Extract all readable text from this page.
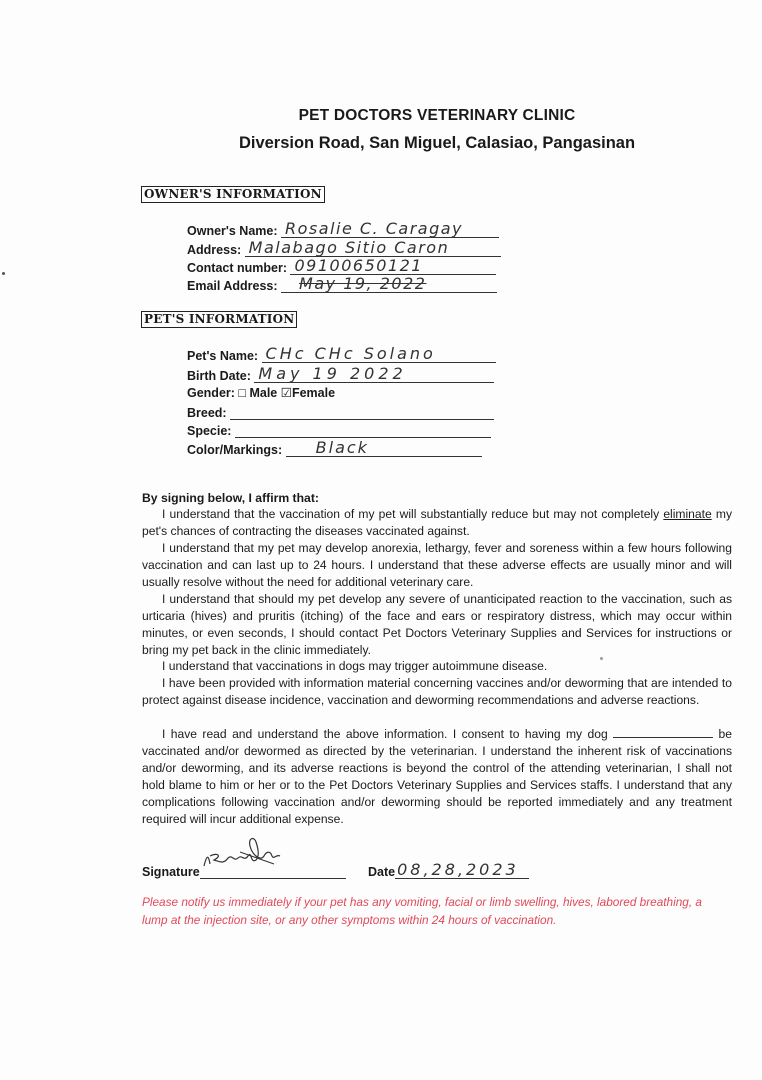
PET DOCTORS VETERINARY CLINIC
Diversion Road, San Miguel, Calasiao, Pangasinan
OWNER'S INFORMATION
Owner's Name: Rosalie C. Caragay
Address: Malabago Sitio Caron
Contact number: 09100650121
Email Address: May 19, 2022
PET'S INFORMATION
Pet's Name: CHc CHc Solano
Birth Date: May 19 2022
Gender: □ Male ☑Female
Breed:
Specie:
Color/Markings: Black
By signing below, I affirm that:
I understand that the vaccination of my pet will substantially reduce but may not completely eliminate my pet's chances of contracting the diseases vaccinated against.
I understand that my pet may develop anorexia, lethargy, fever and soreness within a few hours following vaccination and can last up to 24 hours. I understand that these adverse effects are usually minor and will usually resolve without the need for additional veterinary care.
I understand that should my pet develop any severe of unanticipated reaction to the vaccination, such as urticaria (hives) and pruritis (itching) of the face and ears or respiratory distress, which may occur within minutes, or even seconds, I should contact Pet Doctors Veterinary Supplies and Services for instructions or bring my pet back in the clinic immediately.
I understand that vaccinations in dogs may trigger autoimmune disease.
I have been provided with information material concerning vaccines and/or deworming that are intended to protect against disease incidence, vaccination and deworming recommendations and adverse reactions.
I have read and understand the above information. I consent to having my dog	be vaccinated and/or dewormed as directed by the veterinarian. I understand the inherent risk of vaccinations and/or deworming, and its adverse reactions is beyond the control of the attending veterinarian, I shall not hold blame to him or her or to the Pet Doctors Veterinary Supplies and Services staffs. I understand that any complications following vaccination and/or deworming should be reported immediately and any treatment required will incur additional expense.
Signature	Date 08,28,2023
Please notify us immediately if your pet has any vomiting, facial or limb swelling, hives, labored breathing, a lump at the injection site, or any other symptoms within 24 hours of vaccination.
